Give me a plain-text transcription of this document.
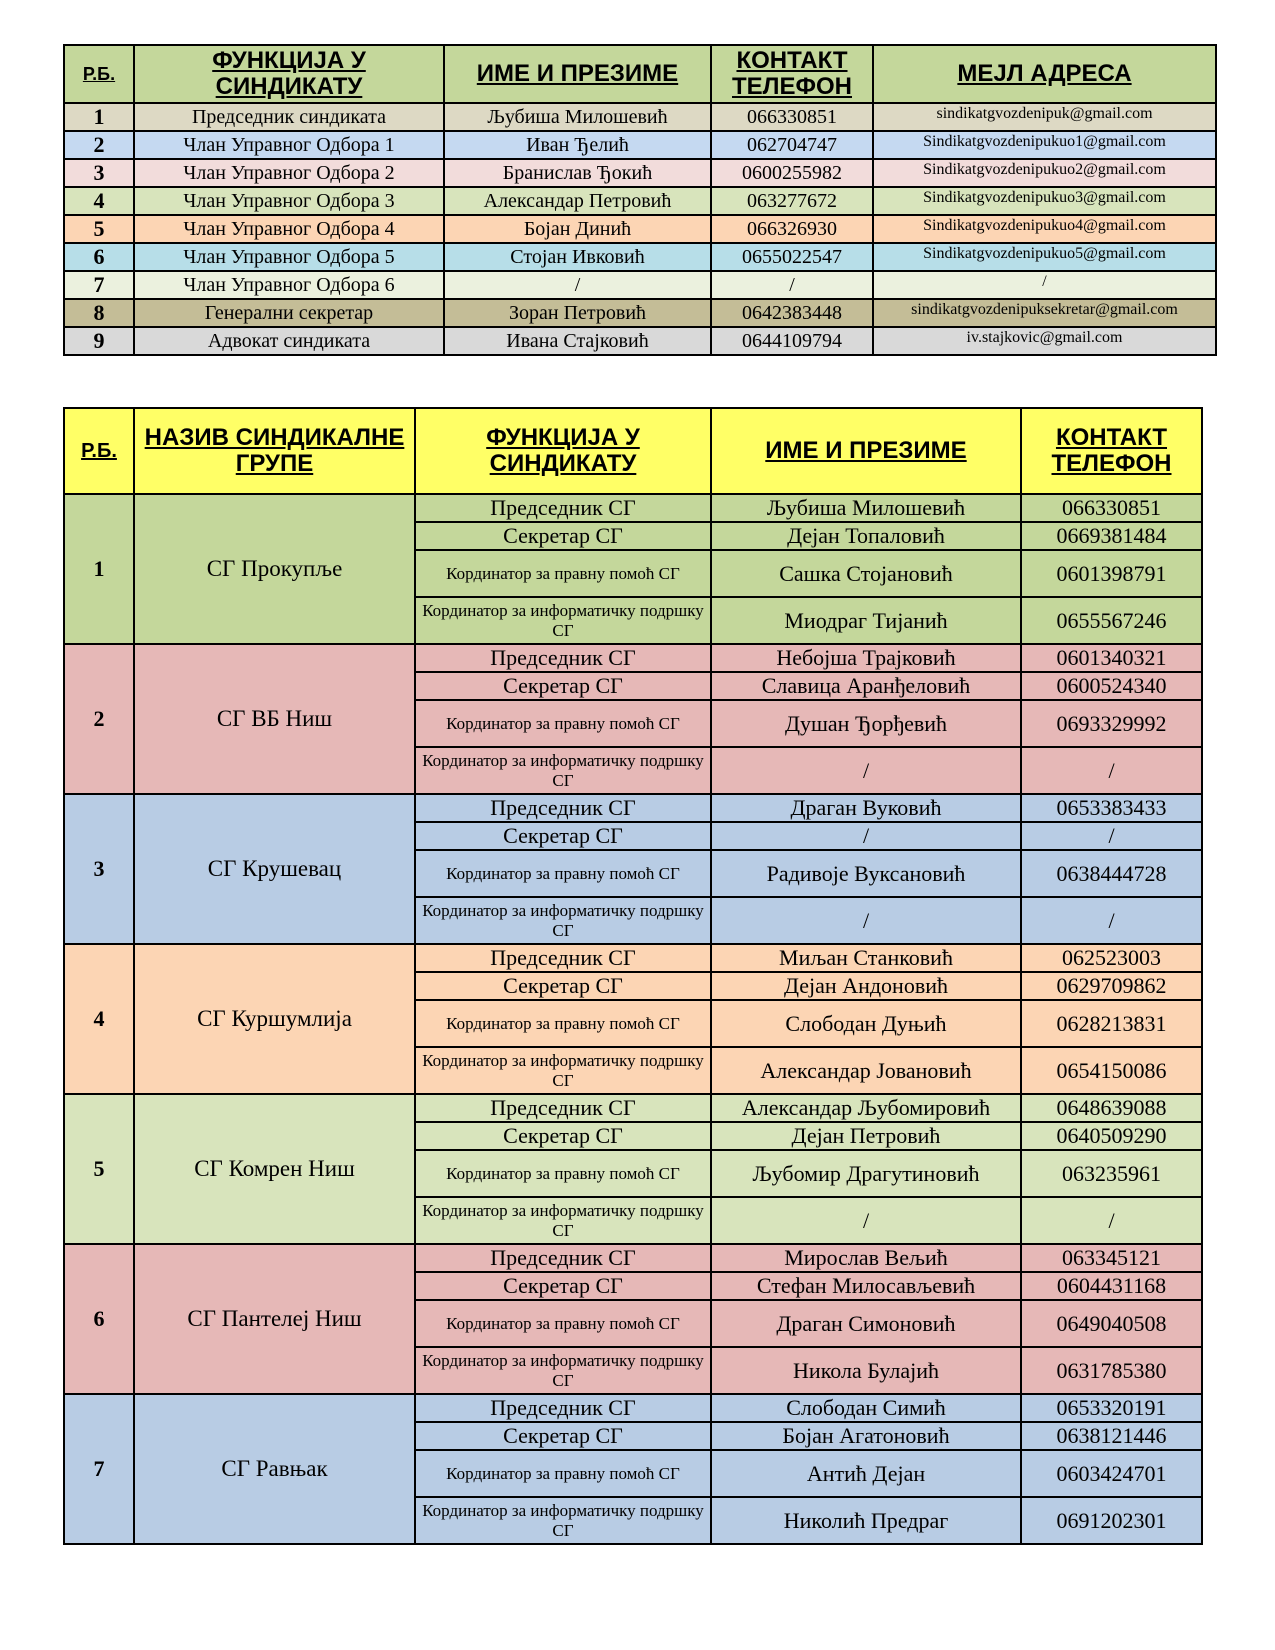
Р.Б.	ФУНКЦИЈА У СИНДИКАТУ	ИМЕ И ПРЕЗИМЕ	КОНТАКТ ТЕЛЕФОН	МЕЈЛ АДРЕСА
1	Председник синдиката	Љубиша Милошевић	066330851	sindikatgvozdenipuk@gmail.com
2	Члан Управног Одбора 1	Иван Ђелић	062704747	Sindikatgvozdenipukuo1@gmail.com
3	Члан Управног Одбора 2	Бранислав Ђокић	0600255982	Sindikatgvozdenipukuo2@gmail.com
4	Члан Управног Одбора 3	Александар Петровић	063277672	Sindikatgvozdenipukuo3@gmail.com
5	Члан Управног Одбора 4	Бојан Динић	066326930	Sindikatgvozdenipukuo4@gmail.com
6	Члан Управног Одбора 5	Стојан Ивковић	0655022547	Sindikatgvozdenipukuo5@gmail.com
7	Члан Управног Одбора 6	/	/	/
8	Генерални секретар	Зоран Петровић	0642383448	sindikatgvozdenipuksekretar@gmail.com
9	Адвокат синдиката	Ивана Стајковић	0644109794	iv.stajkovic@gmail.com
Р.Б.	НАЗИВ СИНДИКАЛНЕ ГРУПЕ	ФУНКЦИЈА У СИНДИКАТУ	ИМЕ И ПРЕЗИМЕ	КОНТАКТ ТЕЛЕФОН
1	СГ Прокупље	Председник СГ	Љубиша Милошевић	066330851
		Секретар СГ	Дејан Топаловић	0669381484
		Кординатор за правну помоћ СГ	Сашка Стојановић	0601398791
		Кординатор за информатичку подршку СГ	Миодраг Тијанић	0655567246
2	СГ ВБ Ниш	Председник СГ	Небојша Трајковић	0601340321
		Секретар СГ	Славица Аранђеловић	0600524340
		Кординатор за правну помоћ СГ	Душан Ђорђевић	0693329992
		Кординатор за информатичку подршку СГ	/	/
3	СГ Крушевац	Председник СГ	Драган Вуковић	0653383433
		Секретар СГ	/	/
		Кординатор за правну помоћ СГ	Радивоје Вуксановић	0638444728
		Кординатор за информатичку подршку СГ	/	/
4	СГ Куршумлија	Председник СГ	Миљан Станковић	062523003
		Секретар СГ	Дејан Андоновић	0629709862
		Кординатор за правну помоћ СГ	Слободан Дуњић	0628213831
		Кординатор за информатичку подршку СГ	Александар Јовановић	0654150086
5	СГ Комрен Ниш	Председник СГ	Александар Љубомировић	0648639088
		Секретар СГ	Дејан Петровић	0640509290
		Кординатор за правну помоћ СГ	Љубомир Драгутиновић	063235961
		Кординатор за информатичку подршку СГ	/	/
6	СГ Пантелеј Ниш	Председник СГ	Мирослав Вељић	063345121
		Секретар СГ	Стефан Милосављевић	0604431168
		Кординатор за правну помоћ СГ	Драган Симоновић	0649040508
		Кординатор за информатичку подршку СГ	Никола Булајић	0631785380
7	СГ Равњак	Председник СГ	Слободан Симић	0653320191
		Секретар СГ	Бојан Агатоновић	0638121446
		Кординатор за правну помоћ СГ	Антић Дејан	0603424701
		Кординатор за информатичку подршку СГ	Николић Предраг	0691202301
